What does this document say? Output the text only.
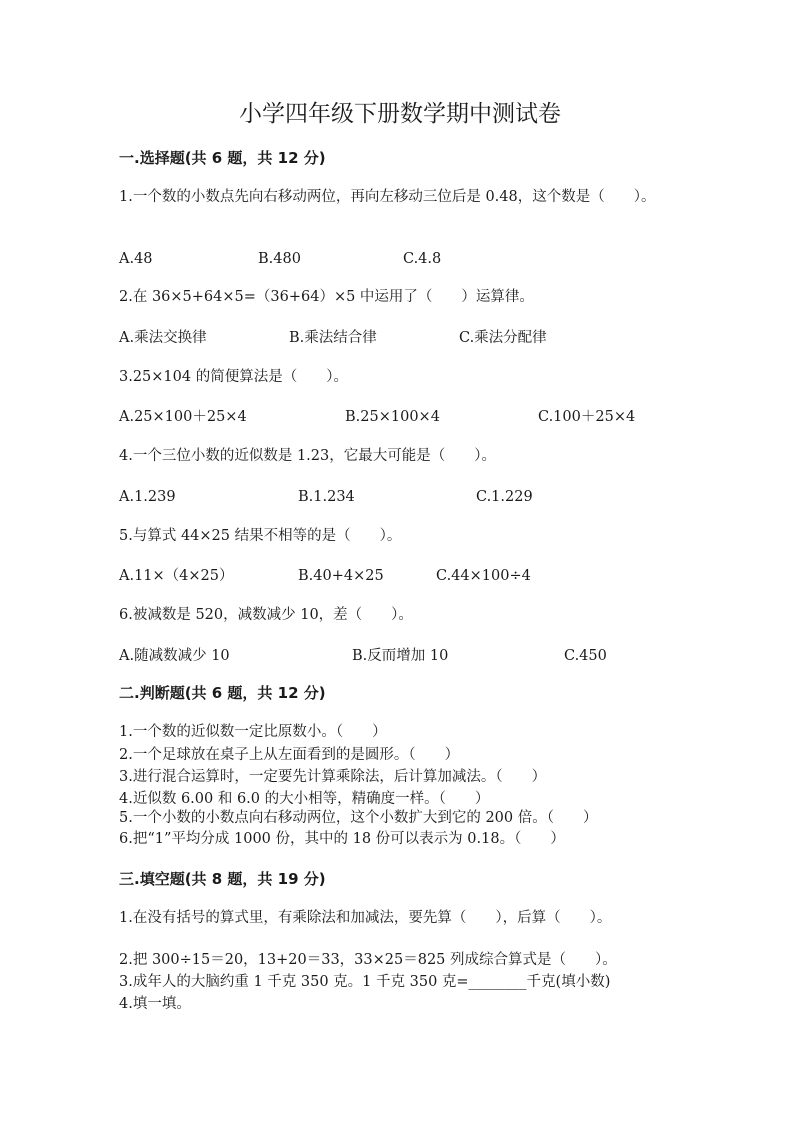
小学四年级下册数学期中测试卷
一.选择题(共 6 题，共 12 分)
1.一个数的小数点先向右移动两位，再向左移动三位后是 0.48，这个数是（　　）。
A.48	B.480	C.4.8
2.在 36×5+64×5=（36+64）×5 中运用了（　　）运算律。
A.乘法交换律	B.乘法结合律	C.乘法分配律
3.25×104 的简便算法是（　　）。
A.25×100＋25×4	B.25×100×4	C.100＋25×4
4.一个三位小数的近似数是 1.23，它最大可能是（　　）。
A.1.239	B.1.234	C.1.229
5.与算式 44×25 结果不相等的是（　　）。
A.11×（4×25）	B.40+4×25	C.44×100÷4
6.被减数是 520，减数减少 10，差（　　）。
A.随减数减少 10	B.反而增加 10	C.450
二.判断题(共 6 题，共 12 分)
1.一个数的近似数一定比原数小。（　　）
2.一个足球放在桌子上从左面看到的是圆形。（　　）
3.进行混合运算时，一定要先计算乘除法，后计算加减法。（　　）
4.近似数 6.00 和 6.0 的大小相等，精确度一样。（　　）
5.一个小数的小数点向右移动两位，这个小数扩大到它的 200 倍。（　　）
6.把“1”平均分成 1000 份，其中的 18 份可以表示为 0.18。（　　）
三.填空题(共 8 题，共 19 分)
1.在没有括号的算式里，有乘除法和加减法，要先算（　　），后算（　　）。
2.把 300÷15＝20，13+20＝33，33×25＝825 列成综合算式是（　　）。
3.成年人的大脑约重 1 千克 350 克。1 千克 350 克=________千克(填小数)
4.填一填。
